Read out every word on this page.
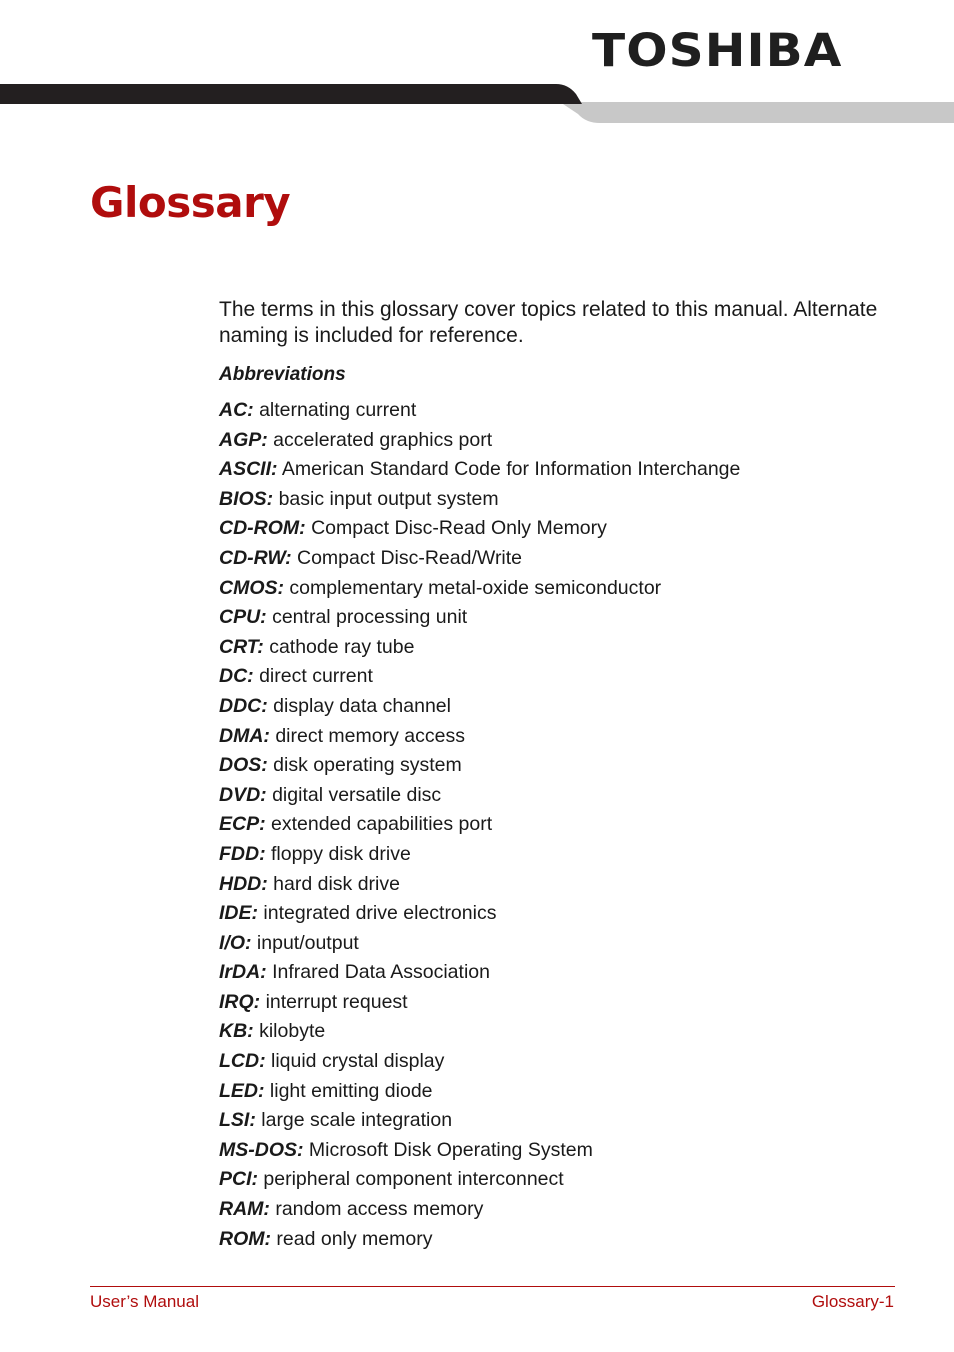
TOSHIBA
Glossary

The terms in this glossary cover topics related to this manual. Alternate naming is included for reference.

Abbreviations
AC: alternating current
AGP: accelerated graphics port
ASCII: American Standard Code for Information Interchange
BIOS: basic input output system
CD-ROM: Compact Disc-Read Only Memory
CD-RW: Compact Disc-Read/Write
CMOS: complementary metal-oxide semiconductor
CPU: central processing unit
CRT: cathode ray tube
DC: direct current
DDC: display data channel
DMA: direct memory access
DOS: disk operating system
DVD: digital versatile disc
ECP: extended capabilities port
FDD: floppy disk drive
HDD: hard disk drive
IDE: integrated drive electronics
I/O: input/output
IrDA: Infrared Data Association
IRQ: interrupt request
KB: kilobyte
LCD: liquid crystal display
LED: light emitting diode
LSI: large scale integration
MS-DOS: Microsoft Disk Operating System
PCI: peripheral component interconnect
RAM: random access memory
ROM: read only memory
User’s Manual	Glossary-1
